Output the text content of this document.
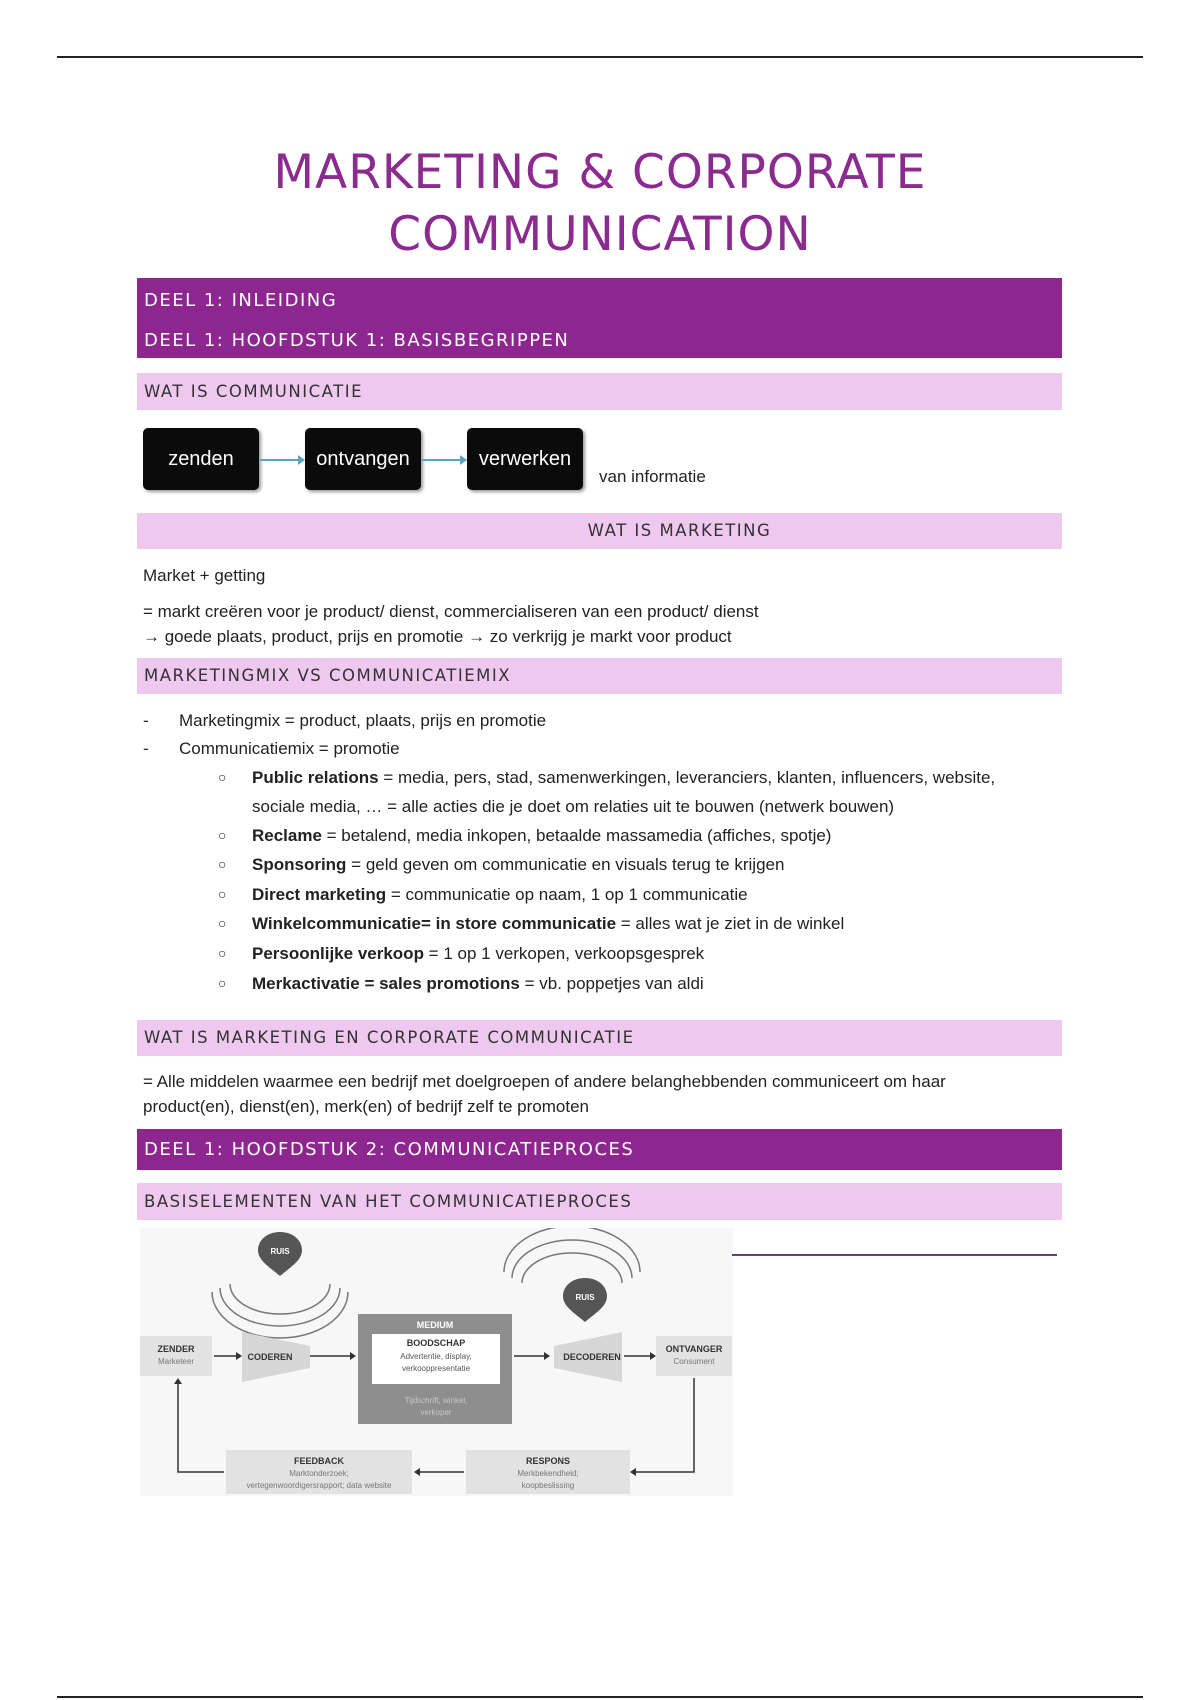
MARKETING & CORPORATE
COMMUNICATION
DEEL 1: INLEIDING
DEEL 1: HOOFDSTUK 1: BASISBEGRIPPEN
WAT IS COMMUNICATIE
zenden	ontvangen	verwerken
van informatie
WAT IS MARKETING
Market + getting
= markt creëren voor je product/ dienst, commercialiseren van een product/ dienst
→ goede plaats, product, prijs en promotie → zo verkrijg je markt voor product
MARKETINGMIX VS COMMUNICATIEMIX
- Marketingmix = product, plaats, prijs en promotie
- Communicatiemix = promotie
○ Public relations = media, pers, stad, samenwerkingen, leveranciers, klanten, influencers, website,
sociale media, … = alle acties die je doet om relaties uit te bouwen (netwerk bouwen)
○ Reclame = betalend, media inkopen, betaalde massamedia (affiches, spotje)
○ Sponsoring = geld geven om communicatie en visuals terug te krijgen
○ Direct marketing = communicatie op naam, 1 op 1 communicatie
○ Winkelcommunicatie= in store communicatie = alles wat je ziet in de winkel
○ Persoonlijke verkoop = 1 op 1 verkopen, verkoopsgesprek
○ Merkactivatie = sales promotions = vb. poppetjes van aldi
WAT IS MARKETING EN CORPORATE COMMUNICATIE
= Alle middelen waarmee een bedrijf met doelgroepen of andere belanghebbenden communiceert om haar
product(en), dienst(en), merk(en) of bedrijf zelf te promoten
DEEL 1: HOOFDSTUK 2: COMMUNICATIEPROCES
BASISELEMENTEN VAN HET COMMUNICATIEPROCES
RUIS
RUIS
ZENDER
Marketeer	CODEREN
MEDIUM
BOODSCHAP
Advertentie, display,
verkooppresentatie
Tijdschrift, winkel,
verkoper
DECODEREN
ONTVANGER
Consument
RESPONS
Merkbekendheid;
koopbeslissing
FEEDBACK
Marktonderzoek;
vertegenwoordigersrapport; data website
